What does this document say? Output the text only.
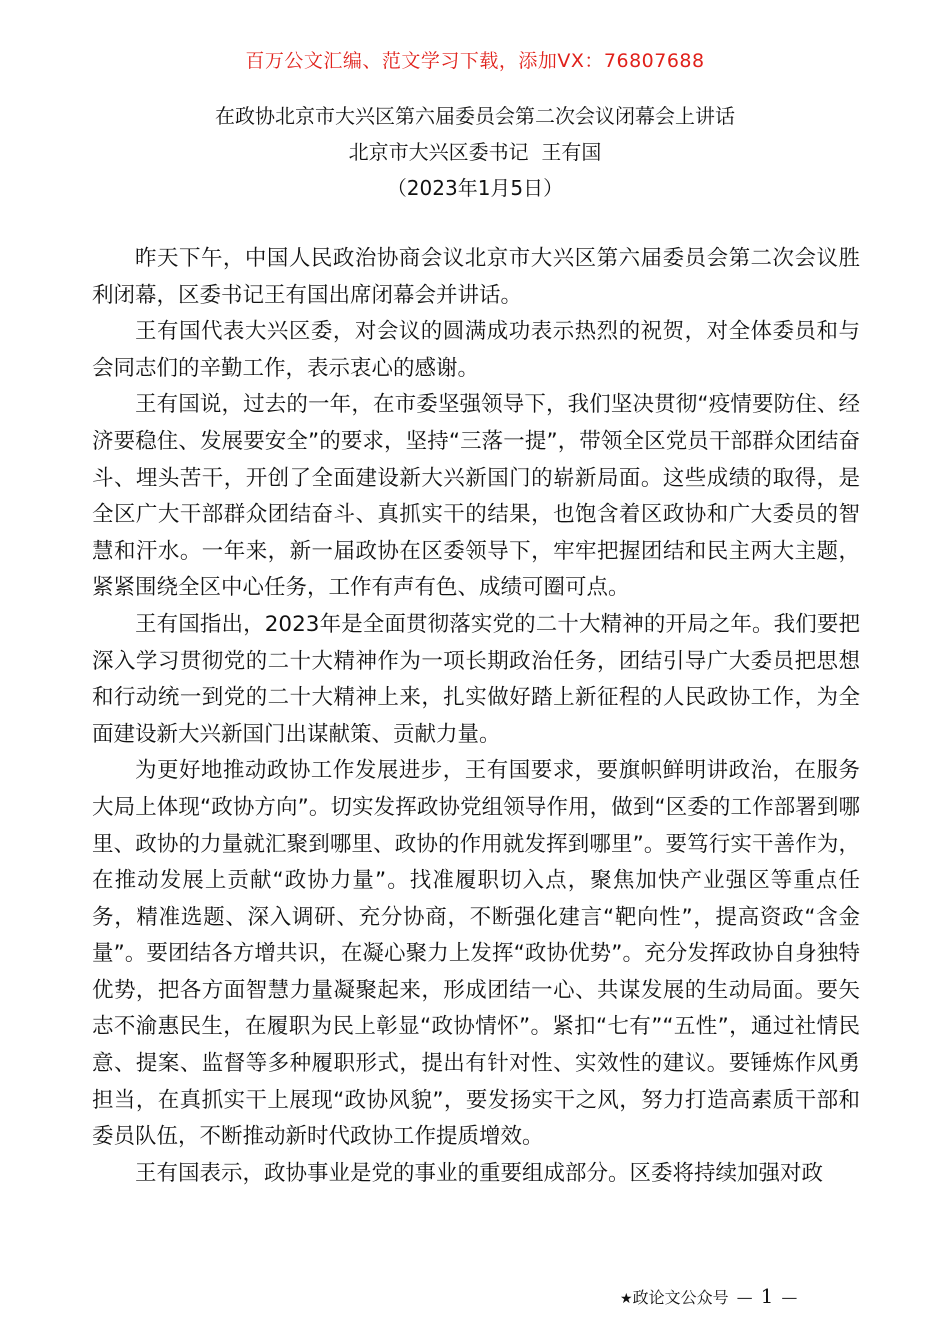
百万公文汇编、范文学习下载，添加VX：76807688
在政协北京市大兴区第六届委员会第二次会议闭幕会上讲话
北京市大兴区委书记  王有国
（2023年1月5日）

昨天下午，中国人民政治协商会议北京市大兴区第六届委员会第二次会议胜利闭幕，区委书记王有国出席闭幕会并讲话。

王有国代表大兴区委，对会议的圆满成功表示热烈的祝贺，对全体委员和与会同志们的辛勤工作，表示衷心的感谢。

王有国说，过去的一年，在市委坚强领导下，我们坚决贯彻“疫情要防住、经济要稳住、发展要安全”的要求，坚持“三落一提”，带领全区党员干部群众团结奋斗、埋头苦干，开创了全面建设新大兴新国门的崭新局面。这些成绩的取得，是全区广大干部群众团结奋斗、真抓实干的结果，也饱含着区政协和广大委员的智慧和汗水。一年来，新一届政协在区委领导下，牢牢把握团结和民主两大主题，紧紧围绕全区中心任务，工作有声有色、成绩可圈可点。

王有国指出，2023年是全面贯彻落实党的二十大精神的开局之年。我们要把深入学习贯彻党的二十大精神作为一项长期政治任务，团结引导广大委员把思想和行动统一到党的二十大精神上来，扎实做好踏上新征程的人民政协工作，为全面建设新大兴新国门出谋献策、贡献力量。

为更好地推动政协工作发展进步，王有国要求，要旗帜鲜明讲政治，在服务大局上体现“政协方向”。切实发挥政协党组领导作用，做到“区委的工作部署到哪里、政协的力量就汇聚到哪里、政协的作用就发挥到哪里”。要笃行实干善作为，在推动发展上贡献“政协力量”。找准履职切入点，聚焦加快产业强区等重点任务，精准选题、深入调研、充分协商，不断强化建言“靶向性”，提高资政“含金量”。要团结各方增共识，在凝心聚力上发挥“政协优势”。充分发挥政协自身独特优势，把各方面智慧力量凝聚起来，形成团结一心、共谋发展的生动局面。要矢志不渝惠民生，在履职为民上彰显“政协情怀”。紧扣“七有”“五性”，通过社情民意、提案、监督等多种履职形式，提出有针对性、实效性的建议。要锤炼作风勇担当，在真抓实干上展现“政协风貌”，要发扬实干之风，努力打造高素质干部和委员队伍，不断推动新时代政协工作提质增效。

王有国表示，政协事业是党的事业的重要组成部分。区委将持续加强对政

★政论文公众号 — 1 —
